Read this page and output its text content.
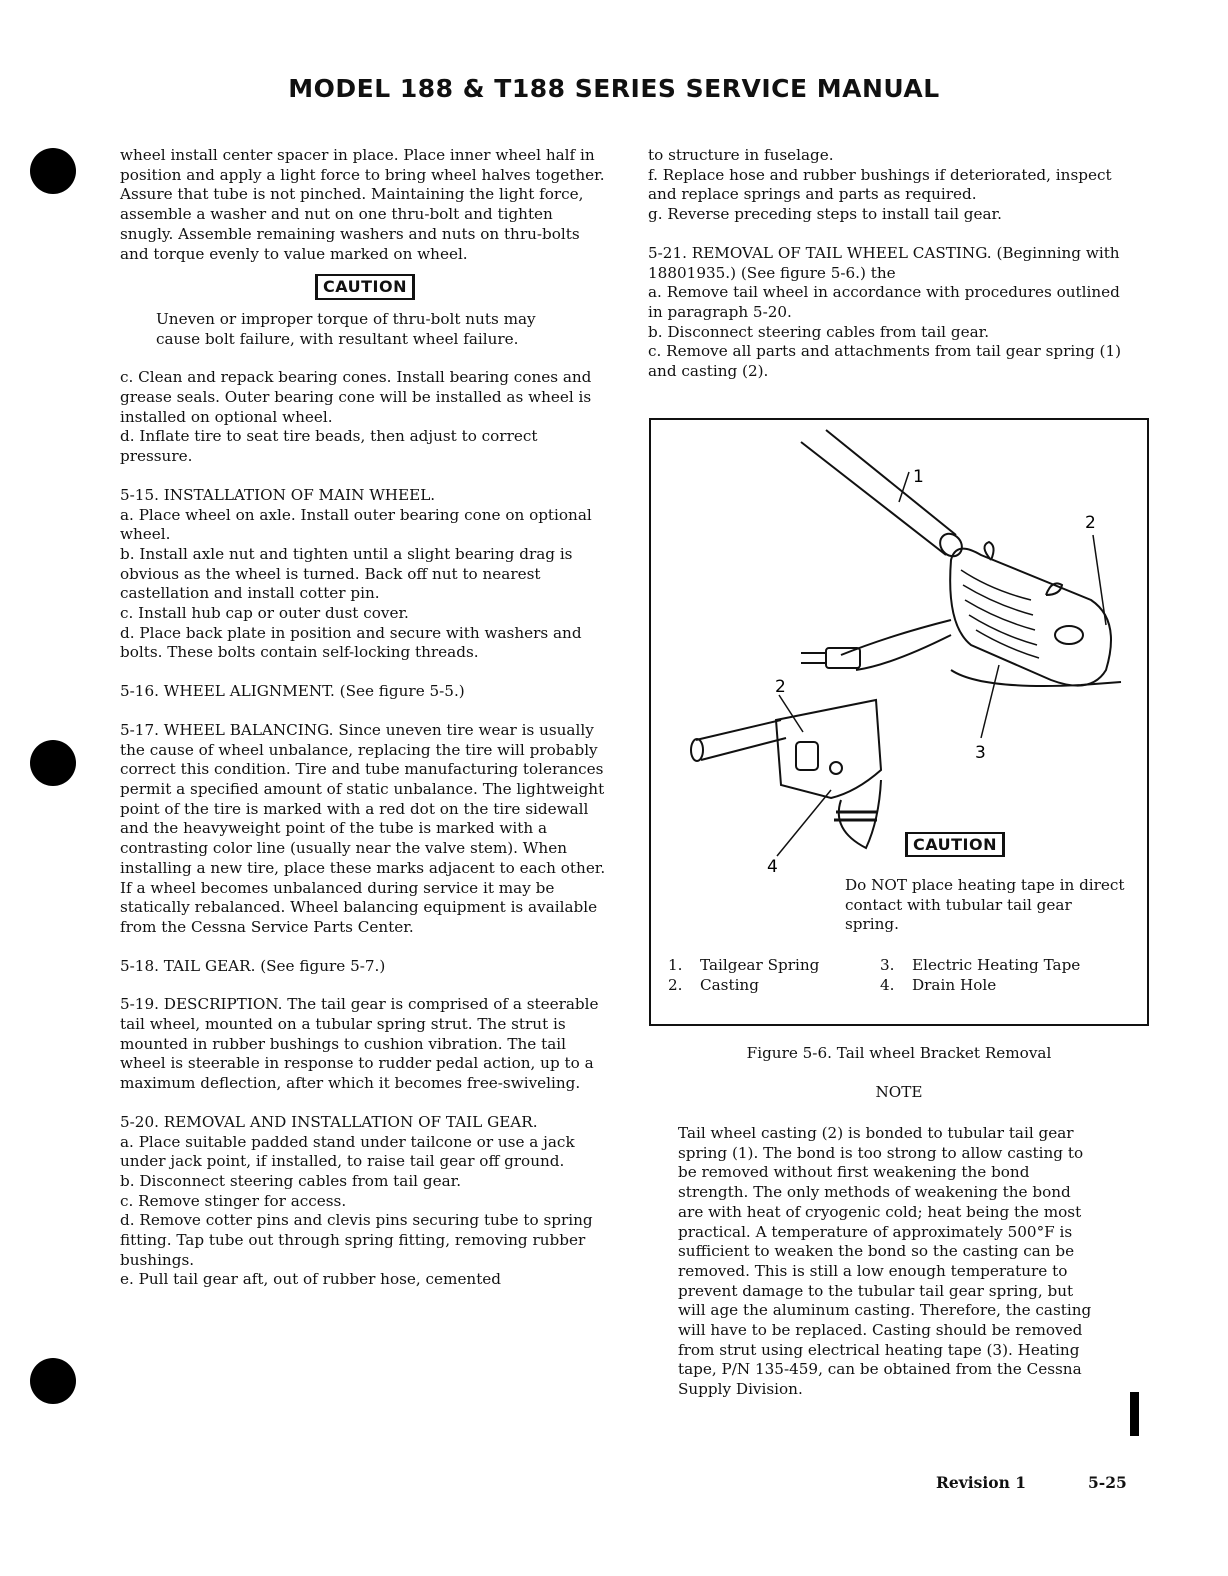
MODEL 188 & T188 SERIES SERVICE MANUAL

wheel install center spacer in place. Place inner wheel half in position and apply a light force to bring wheel halves together. Assure that tube is not pinched. Maintaining the light force, assemble a washer and nut on one thru-bolt and tighten snugly. Assemble remaining washers and nuts on thru-bolts and torque evenly to value marked on wheel.

CAUTION

Uneven or improper torque of thru-bolt nuts may cause bolt failure, with resultant wheel failure.

c. Clean and repack bearing cones. Install bearing cones and grease seals. Outer bearing cone will be installed as wheel is installed on optional wheel.

d. Inflate tire to seat tire beads, then adjust to correct pressure.

5-15. INSTALLATION OF MAIN WHEEL.

a. Place wheel on axle. Install outer bearing cone on optional wheel.

b. Install axle nut and tighten until a slight bearing drag is obvious as the wheel is turned. Back off nut to nearest castellation and install cotter pin.

c. Install hub cap or outer dust cover.

d. Place back plate in position and secure with washers and bolts. These bolts contain self-locking threads.

5-16. WHEEL ALIGNMENT. (See figure 5-5.)

5-17. WHEEL BALANCING. Since uneven tire wear is usually the cause of wheel unbalance, replacing the tire will probably correct this condition. Tire and tube manufacturing tolerances permit a specified amount of static unbalance. The lightweight point of the tire is marked with a red dot on the tire sidewall and the heavyweight point of the tube is marked with a contrasting color line (usually near the valve stem). When installing a new tire, place these marks adjacent to each other. If a wheel becomes unbalanced during service it may be statically rebalanced. Wheel balancing equipment is available from the Cessna Service Parts Center.

5-18. TAIL GEAR. (See figure 5-7.)

5-19. DESCRIPTION. The tail gear is comprised of a steerable tail wheel, mounted on a tubular spring strut. The strut is mounted in rubber bushings to cushion vibration. The tail wheel is steerable in response to rudder pedal action, up to a maximum deflection, after which it becomes free-swiveling.

5-20. REMOVAL AND INSTALLATION OF TAIL GEAR.

a. Place suitable padded stand under tailcone or use a jack under jack point, if installed, to raise tail gear off ground.

b. Disconnect steering cables from tail gear.

c. Remove stinger for access.

d. Remove cotter pins and clevis pins securing tube to spring fitting. Tap tube out through spring fitting, removing rubber bushings.

e. Pull tail gear aft, out of rubber hose, cemented

to structure in fuselage.

f. Replace hose and rubber bushings if deteriorated, inspect and replace springs and parts as required.

g. Reverse preceding steps to install tail gear.

5-21. REMOVAL OF TAIL WHEEL CASTING. (Beginning with 18801935.) (See figure 5-6.) the

a. Remove tail wheel in accordance with procedures outlined in paragraph 5-20.

b. Disconnect steering cables from tail gear.

c. Remove all parts and attachments from tail gear spring (1) and casting (2).

1
2
2
3
4
CAUTION
Do NOT place heating tape in direct contact with tubular tail gear spring.
1.	Tailgear Spring	3.	Electric Heating Tape
2.	Casting	4.	Drain Hole
Figure 5-6. Tail wheel Bracket Removal
NOTE
Tail wheel casting (2) is bonded to tubular tail gear spring (1). The bond is too strong to allow casting to be removed without first weakening the bond strength. The only methods of weakening the bond are with heat of cryogenic cold; heat being the most practical. A temperature of approximately 500°F is sufficient to weaken the bond so the casting can be removed. This is still a low enough temperature to prevent damage to the tubular tail gear spring, but will age the aluminum casting. Therefore, the casting will have to be replaced. Casting should be removed from strut using electrical heating tape (3). Heating tape, P/N 135-459, can be obtained from the Cessna Supply Division.
Revision 1	5-25
